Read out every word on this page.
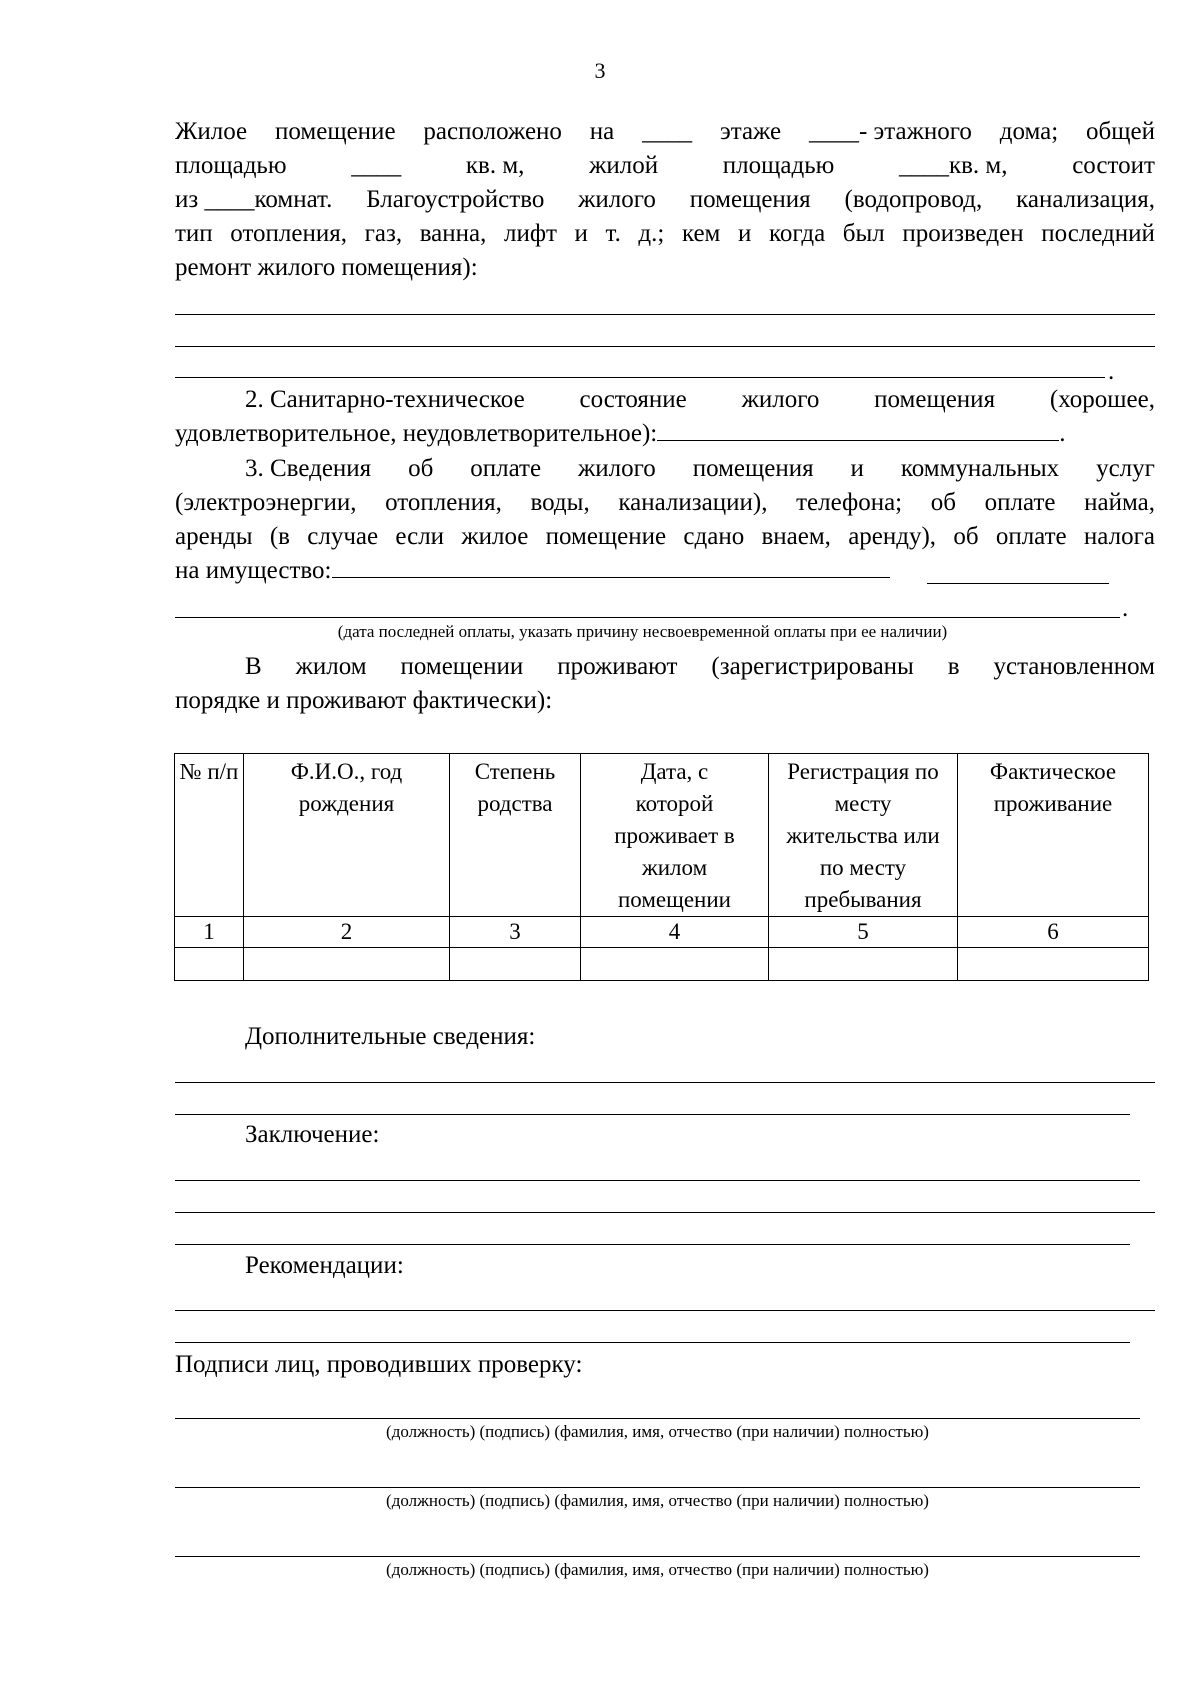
3
Жилое помещение расположено на ____ этаже ____- этажного дома; общей
площадью	____	кв. м,	жилой	площадью	____кв. м,	состоит
из ____комнат. Благоустройство жилого помещения (водопровод, канализация,
тип отопления, газ, ванна, лифт и т. д.; кем и когда был произведен последний
ремонт жилого помещения):
.
2. Санитарно-техническое состояние жилого помещения (хорошее,
удовлетворительное, неудовлетворительное):	.
3. Сведения об оплате жилого помещения и коммунальных услуг
(электроэнергии, отопления, воды, канализации), телефона; об оплате найма,
аренды (в случае если жилое помещение сдано внаем, аренду), об оплате налога
на имущество:
.
(дата последней оплаты, указать причину несвоевременной оплаты при ее наличии)
В жилом помещении проживают (зарегистрированы в установленном
порядке и проживают фактически):
№ п/п	Ф.И.О., год рождения	Степень родства	Дата, с которой проживает в жилом помещении	Регистрация по месту жительства или по месту пребывания	Фактическое проживание
1	2	3	4	5	6

Дополнительные сведения:
Заключение:
Рекомендации:
Подписи лиц, проводивших проверку:
(должность) (подпись) (фамилия, имя, отчество (при наличии) полностью)
(должность) (подпись) (фамилия, имя, отчество (при наличии) полностью)
(должность) (подпись) (фамилия, имя, отчество (при наличии) полностью)
